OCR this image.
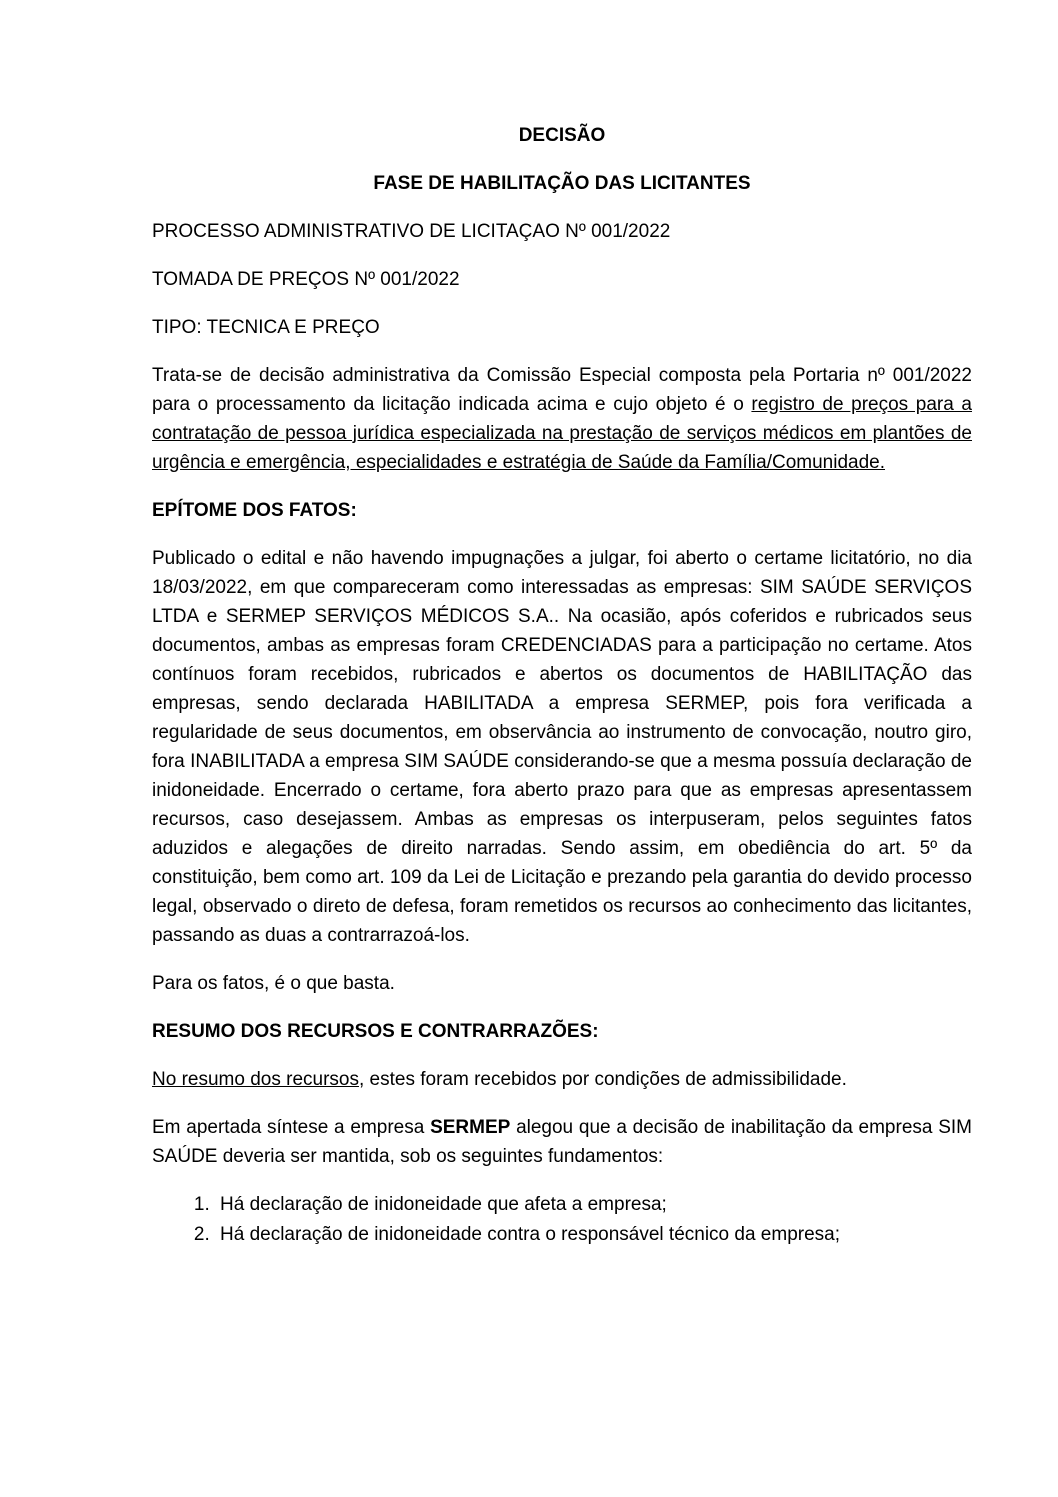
DECISÃO
FASE DE HABILITAÇÃO DAS LICITANTES

PROCESSO ADMINISTRATIVO DE LICITAÇAO Nº 001/2022

TOMADA DE PREÇOS Nº 001/2022

TIPO: TECNICA E PREÇO

Trata-se de decisão administrativa da Comissão Especial composta pela Portaria nº 001/2022 para o processamento da licitação indicada acima e cujo objeto é o registro de preços para a contratação de pessoa jurídica especializada na prestação de serviços médicos em plantões de urgência e emergência, especialidades e estratégia de Saúde da Família/Comunidade.

EPÍTOME DOS FATOS:

Publicado o edital e não havendo impugnações a julgar, foi aberto o certame licitatório, no dia 18/03/2022, em que compareceram como interessadas as empresas: SIM SAÚDE SERVIÇOS LTDA e SERMEP SERVIÇOS MÉDICOS S.A.. Na ocasião, após coferidos e rubricados seus documentos, ambas as empresas foram CREDENCIADAS para a participação no certame. Atos contínuos foram recebidos, rubricados e abertos os documentos de HABILITAÇÃO das empresas, sendo declarada HABILITADA a empresa SERMEP, pois fora verificada a regularidade de seus documentos, em observância ao instrumento de convocação, noutro giro, fora INABILITADA a empresa SIM SAÚDE considerando-se que a mesma possuía declaração de inidoneidade. Encerrado o certame, fora aberto prazo para que as empresas apresentassem recursos, caso desejassem. Ambas as empresas os interpuseram, pelos seguintes fatos aduzidos e alegações de direito narradas. Sendo assim, em obediência do art. 5º da constituição, bem como art. 109 da Lei de Licitação e prezando pela garantia do devido processo legal, observado o direto de defesa, foram remetidos os recursos ao conhecimento das licitantes, passando as duas a contrarrazoá-los.

Para os fatos, é o que basta.

RESUMO DOS RECURSOS E CONTRARRAZÕES:

No resumo dos recursos, estes foram recebidos por condições de admissibilidade.

Em apertada síntese a empresa SERMEP alegou que a decisão de inabilitação da empresa SIM SAÚDE deveria ser mantida, sob os seguintes fundamentos:

1. Há declaração de inidoneidade que afeta a empresa;
2. Há declaração de inidoneidade contra o responsável técnico da empresa;
